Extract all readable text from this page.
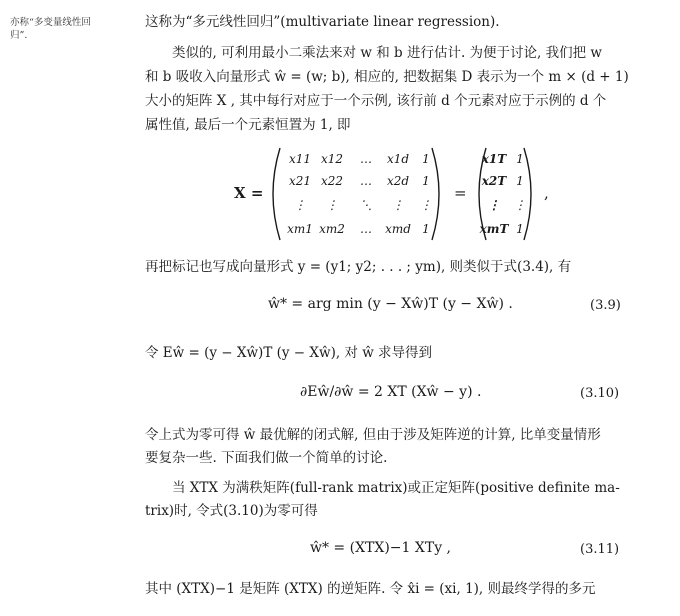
亦称“多变量线性回
归”.
这称为“多元线性回归”(multivariate linear regression).
类似的, 可利用最小二乘法来对 w 和 b 进行估计. 为便于讨论, 我们把 w
和 b 吸收入向量形式 ŵ = (w; b), 相应的, 把数据集 D 表示为一个 m × (d + 1)
大小的矩阵 X , 其中每行对应于一个示例, 该行前 d 个元素对应于示例的 d 个
属性值, 最后一个元素恒置为 1, 即
X =
x11 x12	…	x1d	1
x21 x22	…	x2d	1
⋮	⋮	⋱	⋮	⋮
xm1 xm2	…	xmd 1
=
x1T 1
x2T 1
⋮	⋮
xmT 1
,
再把标记也写成向量形式 y = (y1; y2; . . . ; ym), 则类似于式(3.4), 有
ŵ* = arg min (y − Xŵ)T (y − Xŵ) .	(3.9)
令 Eŵ = (y − Xŵ)T (y − Xŵ), 对 ŵ 求导得到
∂Eŵ/∂ŵ = 2 XT (Xŵ − y) .	(3.10)
令上式为零可得 ŵ 最优解的闭式解, 但由于涉及矩阵逆的计算, 比单变量情形
要复杂一些. 下面我们做一个简单的讨论.
当 XTX 为满秩矩阵(full-rank matrix)或正定矩阵(positive definite ma-
trix)时, 令式(3.10)为零可得
ŵ* = (XTX)−1 XTy ,	(3.11)
其中 (XTX)−1 是矩阵 (XTX) 的逆矩阵. 令 x̂i = (xi, 1), 则最终学得的多元
